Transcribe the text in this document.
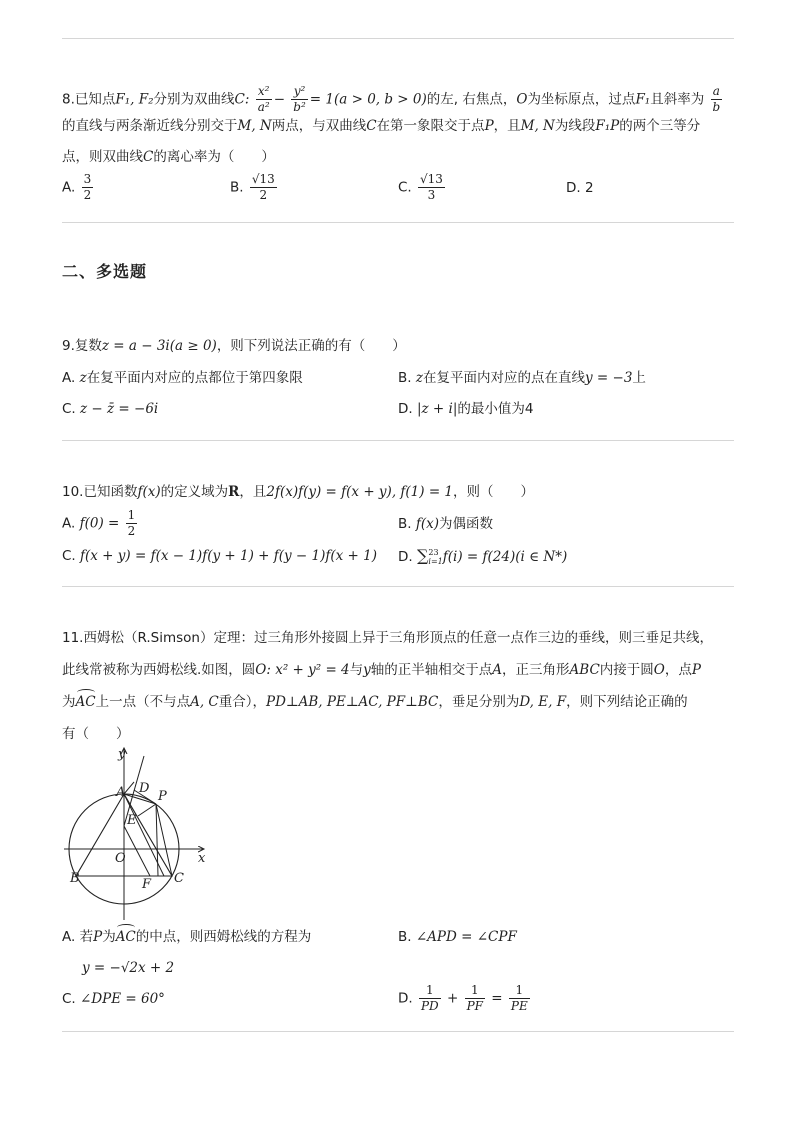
8.已知点F₁, F₂分别为双曲线C: $\frac{\text{x²}}{\text{a²}} - \frac{\text{y²}}{\text{b²}} = 1(a > 0$, b > 0)的左, 右焦点，O为坐标原点，过点F₁且斜率为 $\frac{a}{b}$
的直线与两条渐近线分别交于M, N两点，与双曲线C在第一象限交于点P，且M, N为线段F₁P的两个三等分
点，则双曲线C的离心率为（　　）
A. $\frac{3}{2}$	B. $\frac{√13}{2}$	C. $\frac{√13}{3}$	D. 2
二、多选题
9.复数z = a − 3i(a ≥ 0)，则下列说法正确的有（　　）
A. z在复平面内对应的点都位于第四象限	B. z在复平面内对应的点在直线y = −3上
C. z − z̄ = −6i	D. |z + i|的最小值为4
10.已知函数f(x)的定义域为R，且2f(x)f(y) = f(x + y), f(1) = 1，则（　　）
A. $f(0) = \frac{1}{2}$	B. f(x)为偶函数
C. f(x + y) = f(x − 1)f(y + 1) + f(y − 1)f(x + 1) D. ∑ 23
i=1 f(i) = f(24)(i ∈ N*)
11.西姆松（R.Simson）定理：过三角形外接圆上异于三角形顶点的任意一点作三边的垂线，则三垂足共线，
此线常被称为西姆松线.如图，圆O: x² + y² = 4与y轴的正半轴相交于点A，正三角形ABC内接于圆O，点P
为AC上一点（不与点A, C重合），PD⊥AB, PE⊥AC, PF⊥BC，垂足分别为D, E, F，则下列结论正确的
有（　　）
y
x
O
A D
P
E
B	F C
A. 若P为AC的中点，则西姆松线的方程为
y = −√2x + 2
B. ∠APD = ∠CPF
C. ∠DPE = 60°	D. $\frac{1}{PD} + \frac{1}{PF} = \frac{1}{PE}$
